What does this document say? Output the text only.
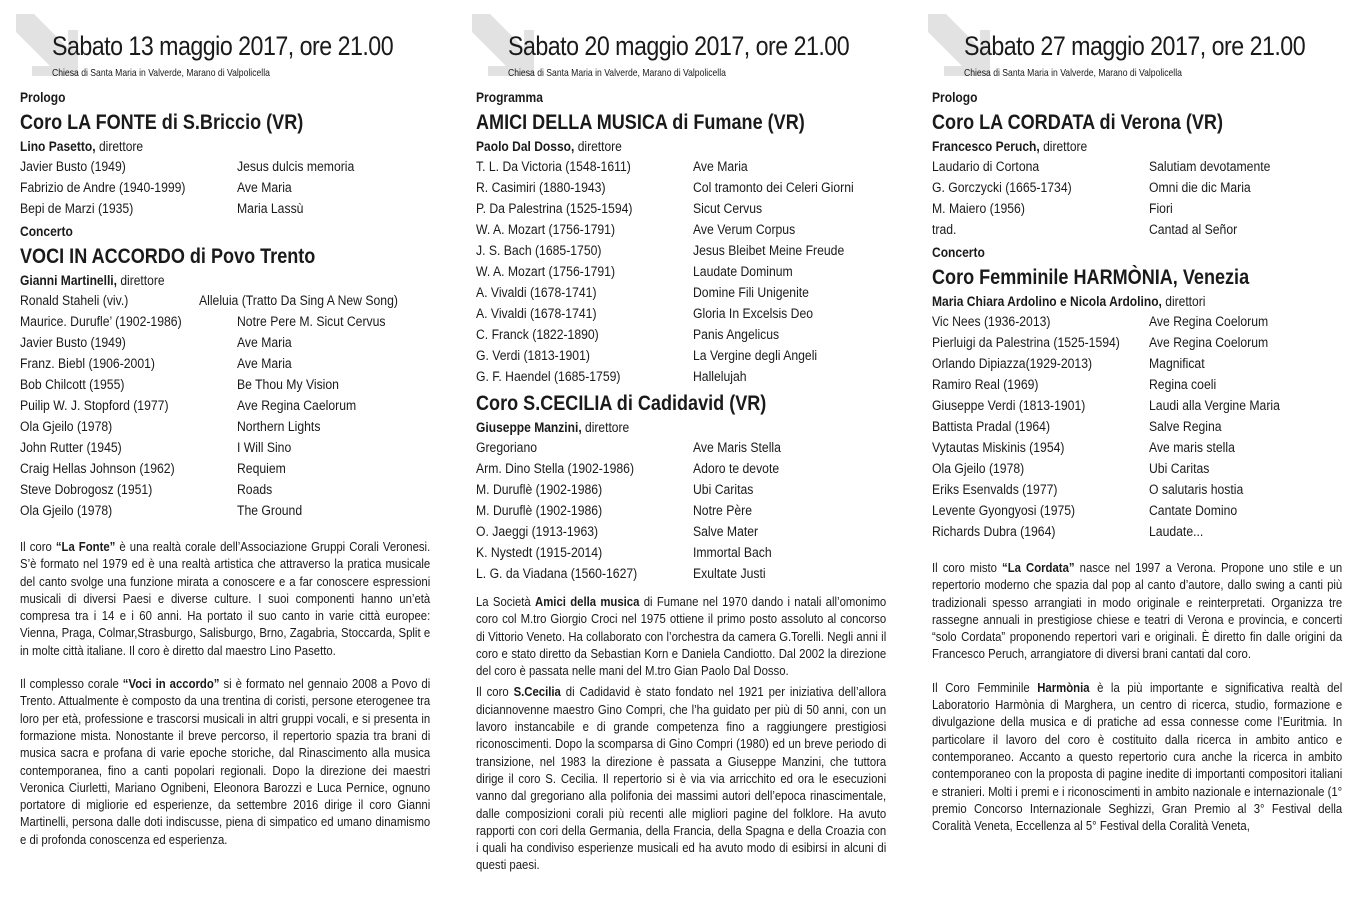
Sabato 13 maggio 2017, ore 21.00
Chiesa di Santa Maria in Valverde, Marano di Valpolicella
Prologo
Coro LA FONTE di S.Briccio (VR)
Lino Pasetto, direttore
Javier Busto (1949)	Jesus dulcis memoria
Fabrizio de Andre (1940-1999)	Ave Maria
Bepi de Marzi (1935)	Maria Lassù
Concerto
VOCI IN ACCORDO di Povo Trento
Gianni Martinelli, direttore
Ronald Staheli (viv.)	Alleluia (Tratto Da Sing A New Song)
Maurice. Durufle’ (1902-1986)	Notre Pere M. Sicut Cervus
Javier Busto (1949)	Ave Maria
Franz. Biebl (1906-2001)	Ave Maria
Bob Chilcott (1955)	Be Thou My Vision
Puilip W. J. Stopford (1977)	Ave Regina Caelorum
Ola Gjeilo (1978)	Northern Lights
John Rutter (1945)	I Will Sino
Craig Hellas Johnson (1962)	Requiem
Steve Dobrogosz (1951)	Roads
Ola Gjeilo (1978)	The Ground

Il coro “La Fonte” è una realtà corale dell’Associazione Gruppi Corali Veronesi. S’è formato nel 1979 ed è una realtà artistica che attraverso la pratica musicale del canto svolge una funzione mirata a conoscere e a far conoscere espressioni musicali di diversi Paesi e diverse culture. I suoi componenti hanno un’età compresa tra i 14 e i 60 anni. Ha portato il suo canto in varie città europee: Vienna, Praga, Colmar,Strasburgo, Salisburgo, Brno, Zagabria, Stoccarda, Split e in molte città italiane. Il coro è diretto dal maestro Lino Pasetto.

Il complesso corale “Voci in accordo” si è formato nel gennaio 2008 a Povo di Trento. Attualmente è composto da una trentina di coristi, persone eterogenee tra loro per età, professione e trascorsi musicali in altri gruppi vocali, e si presenta in formazione mista. Nonostante il breve percorso, il repertorio spazia tra brani di musica sacra e profana di varie epoche storiche, dal Rinascimento alla musica contemporanea, fino a canti popolari regionali. Dopo la direzione dei maestri Veronica Ciurletti, Mariano Ognibeni, Eleonora Barozzi e Luca Pernice, ognuno portatore di migliorie ed esperienze, da settembre 2016 dirige il coro Gianni Martinelli, persona dalle doti indiscusse, piena di simpatico ed umano dinamismo e di profonda conoscenza ed esperienza.

Sabato 20 maggio 2017, ore 21.00
Chiesa di Santa Maria in Valverde, Marano di Valpolicella
Programma
AMICI DELLA MUSICA di Fumane (VR)
Paolo Dal Dosso, direttore
T. L. Da Victoria (1548-1611)	Ave Maria
R. Casimiri (1880-1943)	Col tramonto dei Celeri Giorni
P. Da Palestrina (1525-1594)	Sicut Cervus
W. A. Mozart (1756-1791)	Ave Verum Corpus
J. S. Bach (1685-1750)	Jesus Bleibet Meine Freude
W. A. Mozart (1756-1791)	Laudate Dominum
A. Vivaldi (1678-1741)	Domine Fili Unigenite
A. Vivaldi (1678-1741)	Gloria In Excelsis Deo
C. Franck (1822-1890)	Panis Angelicus
G. Verdi (1813-1901)	La Vergine degli Angeli
G. F. Haendel (1685-1759)	Hallelujah
Coro S.CECILIA di Cadidavid (VR)
Giuseppe Manzini, direttore
Gregoriano	Ave Maris Stella
Arm. Dino Stella (1902-1986)	Adoro te devote
M. Duruflè (1902-1986)	Ubi Caritas
M. Duruflè (1902-1986)	Notre Pѐre
O. Jaeggi (1913-1963)	Salve Mater
K. Nystedt (1915-2014)	Immortal Bach
L. G. da Viadana (1560-1627)	Exultate Justi

La Società Amici della musica di Fumane nel 1970 dando i natali all’omonimo coro col M.tro Giorgio Croci nel 1975 ottiene il primo posto assoluto al concorso di Vittorio Veneto. Ha collaborato con l’orchestra da camera G.Torelli. Negli anni il coro e stato diretto da Sebastian Korn e Daniela Candiotto. Dal 2002 la direzione del coro è passata nelle mani del M.tro Gian Paolo Dal Dosso.

Il coro S.Cecilia di Cadidavid è stato fondato nel 1921 per iniziativa dell’allora diciannovenne maestro Gino Compri, che l’ha guidato per più di 50 anni, con un lavoro instancabile e di grande competenza fino a raggiungere prestigiosi riconoscimenti. Dopo la scomparsa di Gino Compri (1980) ed un breve periodo di transizione, nel 1983 la direzione è passata a Giuseppe Manzini, che tuttora dirige il coro S. Cecilia. Il repertorio si è via via arricchito ed ora le esecuzioni vanno dal gregoriano alla polifonia dei massimi autori dell’epoca rinascimentale, dalle composizioni corali più recenti alle migliori pagine del folklore. Ha avuto rapporti con cori della Germania, della Francia, della Spagna e della Croazia con i quali ha condiviso esperienze musicali ed ha avuto modo di esibirsi in alcuni di questi paesi.

Sabato 27 maggio 2017, ore 21.00
Chiesa di Santa Maria in Valverde, Marano di Valpolicella
Prologo
Coro LA CORDATA di Verona (VR)
Francesco Peruch, direttore
Laudario di Cortona	Salutiam devotamente
G. Gorczycki (1665-1734)	Omni die dic Maria
M. Maiero (1956)	Fiori
trad.	Cantad al Señor
Concerto
Coro Femminile HARMÒNIA, Venezia
Maria Chiara Ardolino e Nicola Ardolino, direttori
Vic Nees (1936-2013)	Ave Regina Coelorum
Pierluigi da Palestrina (1525-1594) Ave Regina Coelorum
Orlando Dipiazza(1929-2013)	Magnificat
Ramiro Real (1969)	Regina coeli
Giuseppe Verdi (1813-1901)	Laudi alla Vergine Maria
Battista Pradal (1964)	Salve Regina
Vytautas Miskinis (1954)	Ave maris stella
Ola Gjeilo (1978)	Ubi Caritas
Eriks Esenvalds (1977)	O salutaris hostia
Levente Gyongyosi (1975)	Cantate Domino
Richards Dubra (1964)	Laudate...

Il coro misto “La Cordata” nasce nel 1997 a Verona. Propone uno stile e un repertorio moderno che spazia dal pop al canto d’autore, dallo swing a canti più tradizionali spesso arrangiati in modo originale e reinterpretati. Organizza tre rassegne annuali in prestigiose chiese e teatri di Verona e provincia, e concerti “solo Cordata” proponendo repertori vari e originali. È diretto fin dalle origini da Francesco Peruch, arrangiatore di diversi brani cantati dal coro.

Il Coro Femminile Harmònia è la più importante e significativa realtà del Laboratorio Harmònia di Marghera, un centro di ricerca, studio, formazione e divulgazione della musica e di pratiche ad essa connesse come l’Euritmia. In particolare il lavoro del coro è costituito dalla ricerca in ambito antico e contemporaneo. Accanto a questo repertorio cura anche la ricerca in ambito contemporaneo con la proposta di pagine inedite di importanti compositori italiani e stranieri. Molti i premi e i riconoscimenti in ambito nazionale e internazionale (1° premio Concorso Internazionale Seghizzi, Gran Premio al 3° Festival della Coralità Veneta, Eccellenza al 5° Festival della Coralità Veneta,
